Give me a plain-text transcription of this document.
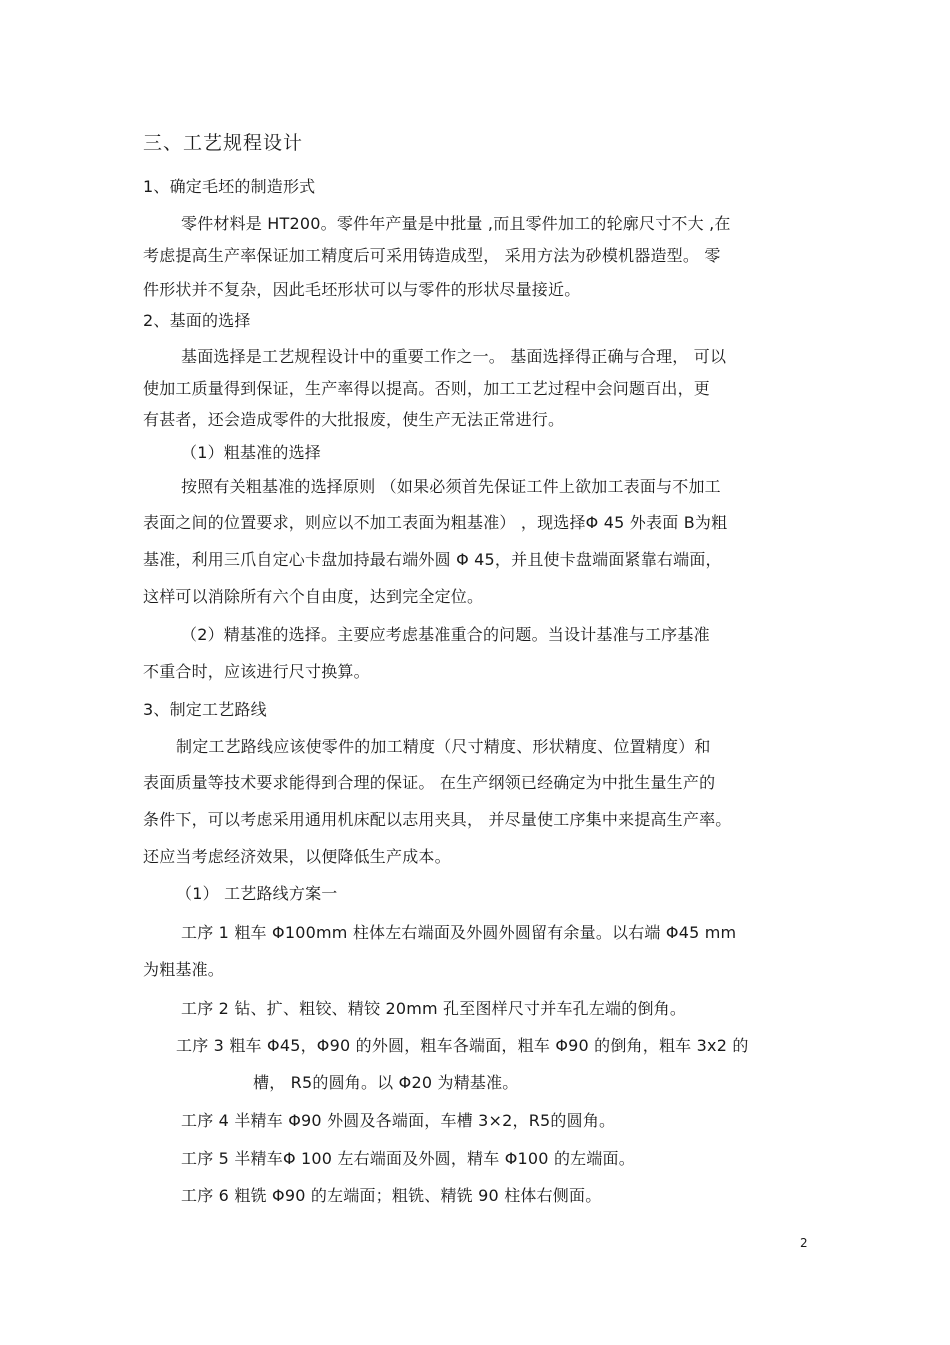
三、工艺规程设计
1、确定毛坯的制造形式
零件材料是 HT200。零件年产量是中批量 ,而且零件加工的轮廓尺寸不大 ,在
考虑提高生产率保证加工精度后可采用铸造成型， 采用方法为砂模机器造型。 零
件形状并不复杂，因此毛坯形状可以与零件的形状尽量接近。
2、基面的选择
基面选择是工艺规程设计中的重要工作之一。 基面选择得正确与合理， 可以
使加工质量得到保证，生产率得以提高。否则，加工工艺过程中会问题百出，更
有甚者，还会造成零件的大批报废，使生产无法正常进行。
（1）粗基准的选择
按照有关粗基准的选择原则 （如果必须首先保证工件上欲加工表面与不加工
表面之间的位置要求，则应以不加工表面为粗基准） ，现选择Φ 45 外表面 B为粗
基准，利用三爪自定心卡盘加持最右端外圆 Φ 45，并且使卡盘端面紧靠右端面，
这样可以消除所有六个自由度，达到完全定位。
（2）精基准的选择。主要应考虑基准重合的问题。当设计基准与工序基准
不重合时，应该进行尺寸换算。
3、制定工艺路线
制定工艺路线应该使零件的加工精度（尺寸精度、形状精度、位置精度）和
表面质量等技术要求能得到合理的保证。 在生产纲领已经确定为中批生量生产的
条件下，可以考虑采用通用机床配以志用夹具， 并尽量使工序集中来提高生产率。
还应当考虑经济效果，以便降低生产成本。
（1） 工艺路线方案一
工序 1 粗车 Φ100mm 柱体左右端面及外圆外圆留有余量。以右端 Φ45 mm
为粗基准。
工序 2 钻、扩、粗铰、精铰 20mm 孔至图样尺寸并车孔左端的倒角。
工序 3 粗车 Φ45，Φ90 的外圆，粗车各端面，粗车 Φ90 的倒角，粗车 3x2 的
槽， R5的圆角。以 Φ20 为精基准。
工序 4 半精车 Φ90 外圆及各端面，车槽 3×2，R5的圆角。
工序 5 半精车Φ 100 左右端面及外圆，精车 Φ100 的左端面。
工序 6 粗铣 Φ90 的左端面；粗铣、精铣 90 柱体右侧面。
2
